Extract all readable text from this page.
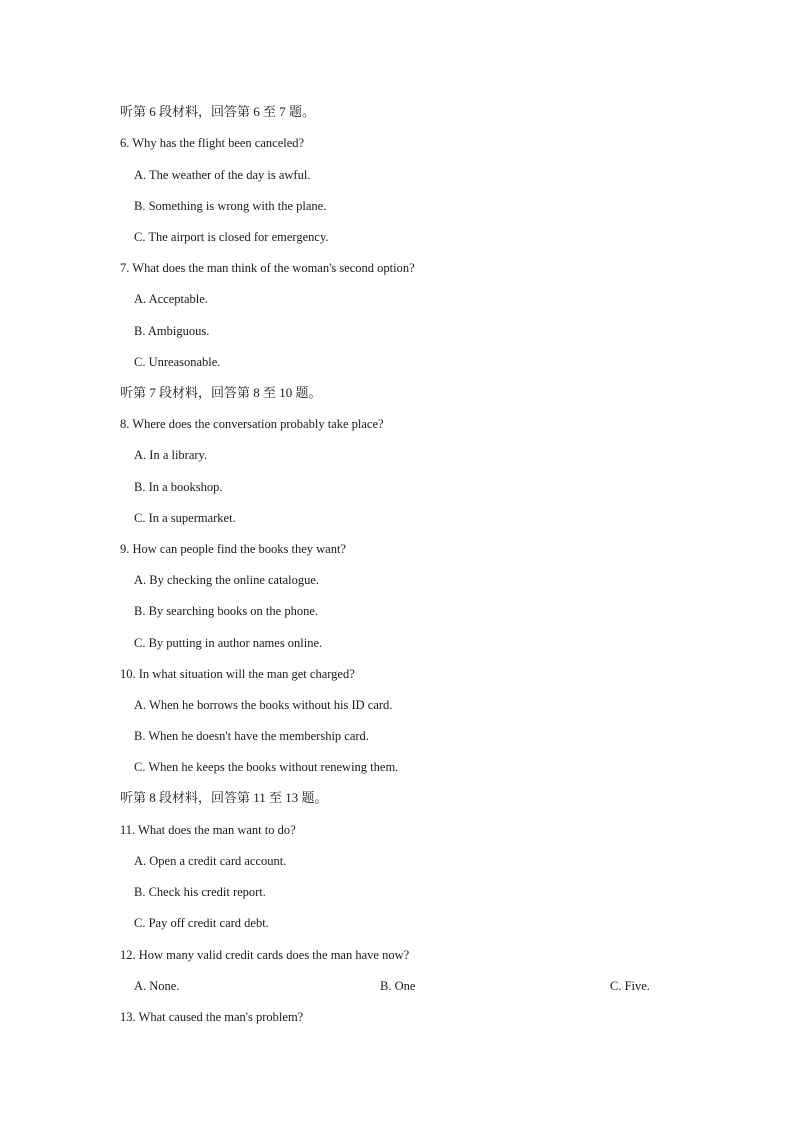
听第 6 段材料，回答第 6 至 7 题。
6. Why has the flight been canceled?
A. The weather of the day is awful.
B. Something is wrong with the plane.
C. The airport is closed for emergency.
7. What does the man think of the woman's second option?
A. Acceptable.
B. Ambiguous.
C. Unreasonable.
听第 7 段材料，回答第 8 至 10 题。
8. Where does the conversation probably take place?
A. In a library.
B. In a bookshop.
C. In a supermarket.
9. How can people find the books they want?
A. By checking the online catalogue.
B. By searching books on the phone.
C. By putting in author names online.
10. In what situation will the man get charged?
A. When he borrows the books without his ID card.
B. When he doesn't have the membership card.
C. When he keeps the books without renewing them.
听第 8 段材料，回答第 11 至 13 题。
11. What does the man want to do?
A. Open a credit card account.
B. Check his credit report.
C. Pay off credit card debt.
12. How many valid credit cards does the man have now?
A. None.	B. One	C. Five.
13. What caused the man's problem?
